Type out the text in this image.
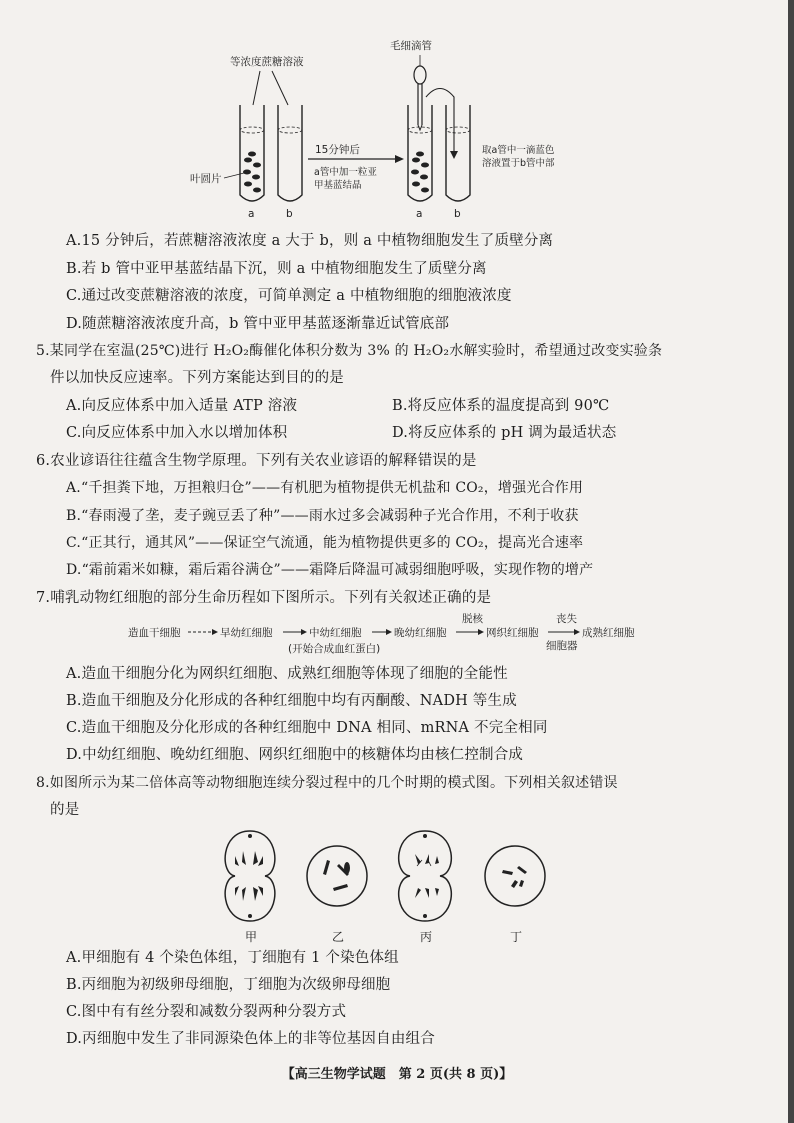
等浓度蔗糖溶液
叶圆片
a	b
15分钟后
a管中加一粒亚
甲基蓝结晶
毛细滴管
a	b
取a管中一滴蓝色
溶液置于b管中部
A.15 分钟后，若蔗糖溶液浓度 a 大于 b，则 a 中植物细胞发生了质壁分离
B.若 b 管中亚甲基蓝结晶下沉，则 a 中植物细胞发生了质壁分离
C.通过改变蔗糖溶液的浓度，可简单测定 a 中植物细胞的细胞液浓度
D.随蔗糖溶液浓度升高，b 管中亚甲基蓝逐渐靠近试管底部
5.某同学在室温(25℃)进行 H₂O₂酶催化体积分数为 3% 的 H₂O₂水解实验时，希望通过改变实验条
件以加快反应速率。下列方案能达到目的的是
A.向反应体系中加入适量 ATP 溶液	B.将反应体系的温度提高到 90℃
C.向反应体系中加入水以增加体积	D.将反应体系的 pH 调为最适状态
6.农业谚语往往蕴含生物学原理。下列有关农业谚语的解释错误的是
A.“千担粪下地，万担粮归仓”——有机肥为植物提供无机盐和 CO₂，增强光合作用
B.“春雨漫了垄，麦子豌豆丢了种”——雨水过多会减弱种子光合作用，不利于收获
C.“正其行，通其风”——保证空气流通，能为植物提供更多的 CO₂，提高光合速率
D.“霜前霜米如糠，霜后霜谷满仓”——霜降后降温可减弱细胞呼吸，实现作物的增产
7.哺乳动物红细胞的部分生命历程如下图所示。下列有关叙述正确的是
造血干细胞	早幼红细胞	中幼红细胞	晚幼红细胞
脱核
网织红细胞
丧失
细胞器
成熟红细胞
(开始合成血红蛋白)
A.造血干细胞分化为网织红细胞、成熟红细胞等体现了细胞的全能性
B.造血干细胞及分化形成的各种红细胞中均有丙酮酸、NADH 等生成
C.造血干细胞及分化形成的各种红细胞中 DNA 相同、mRNA 不完全相同
D.中幼红细胞、晚幼红细胞、网织红细胞中的核糖体均由核仁控制合成
8.如图所示为某二倍体高等动物细胞连续分裂过程中的几个时期的模式图。下列相关叙述错误
的是
甲	乙	丙	丁
A.甲细胞有 4 个染色体组，丁细胞有 1 个染色体组
B.丙细胞为初级卵母细胞，丁细胞为次级卵母细胞
C.图中有有丝分裂和减数分裂两种分裂方式
D.丙细胞中发生了非同源染色体上的非等位基因自由组合
【高三生物学试题　第 2 页(共 8 页)】
